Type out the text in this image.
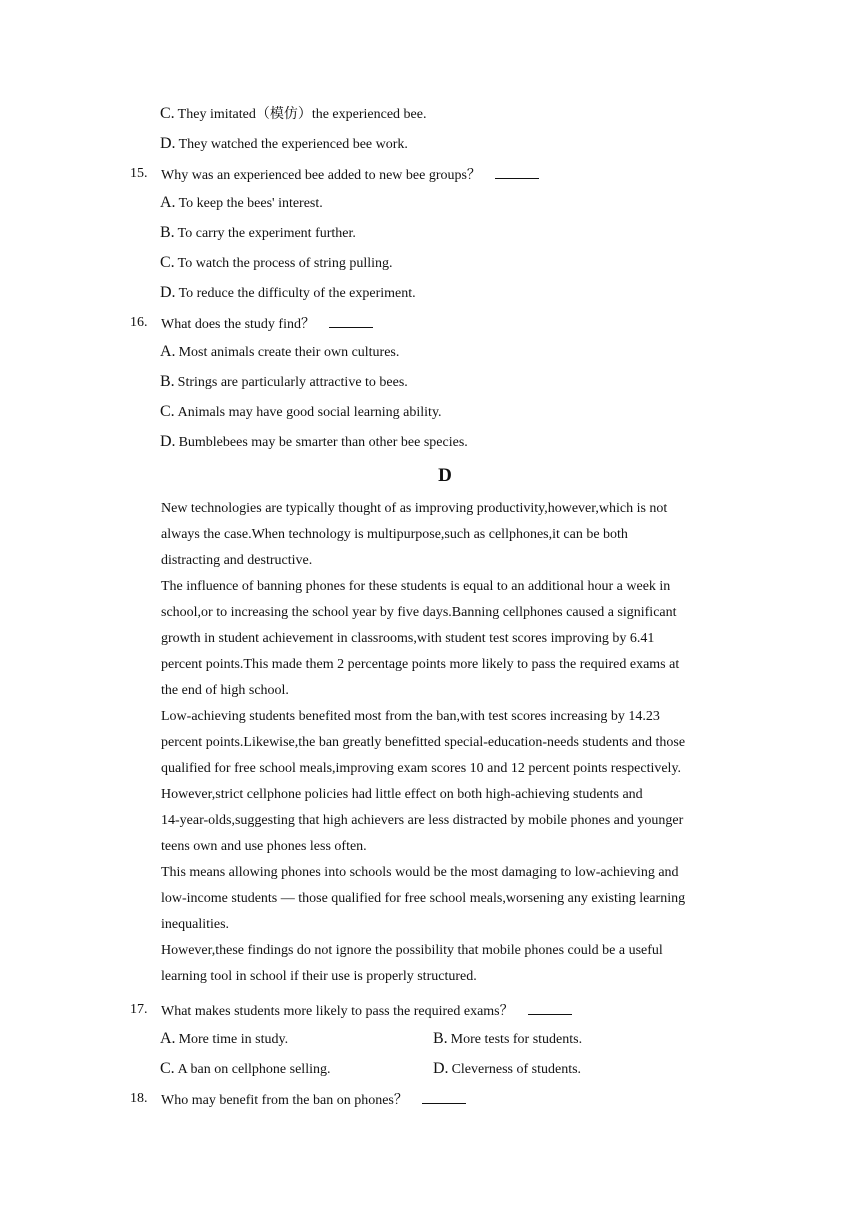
C. They imitated（模仿）the experienced bee.
D. They watched the experienced bee work.
15. Why was an experienced bee added to new bee groups？
A. To keep the bees' interest.
B. To carry the experiment further.
C. To watch the process of string pulling.
D. To reduce the difficulty of the experiment.
16. What does the study find？
A. Most animals create their own cultures.
B. Strings are particularly attractive to bees.
C. Animals may have good social learning ability.
D. Bumblebees may be smarter than other bee species.
D
New technologies are typically thought of as improving productivity,however,which is not
always the case.When technology is multipurpose,such as cellphones,it can be both
distracting and destructive.
The influence of banning phones for these students is equal to an additional hour a week in
school,or to increasing the school year by five days.Banning cellphones caused a significant
growth in student achievement in classrooms,with student test scores improving by 6.41
percent points.This made them 2 percentage points more likely to pass the required exams at
the end of high school.
Low-achieving students benefited most from the ban,with test scores increasing by 14.23
percent points.Likewise,the ban greatly benefitted special-education-needs students and those
qualified for free school meals,improving exam scores 10 and 12 percent points respectively.
However,strict cellphone policies had little effect on both high-achieving students and
14-year-olds,suggesting that high achievers are less distracted by mobile phones and younger
teens own and use phones less often.
This means allowing phones into schools would be the most damaging to low-achieving and
low-income students — those qualified for free school meals,worsening any existing learning
inequalities.
However,these findings do not ignore the possibility that mobile phones could be a useful
learning tool in school if their use is properly structured.
17. What makes students more likely to pass the required exams？
A. More time in study.	B. More tests for students.
C. A ban on cellphone selling.	D. Cleverness of students.
18. Who may benefit from the ban on phones？
